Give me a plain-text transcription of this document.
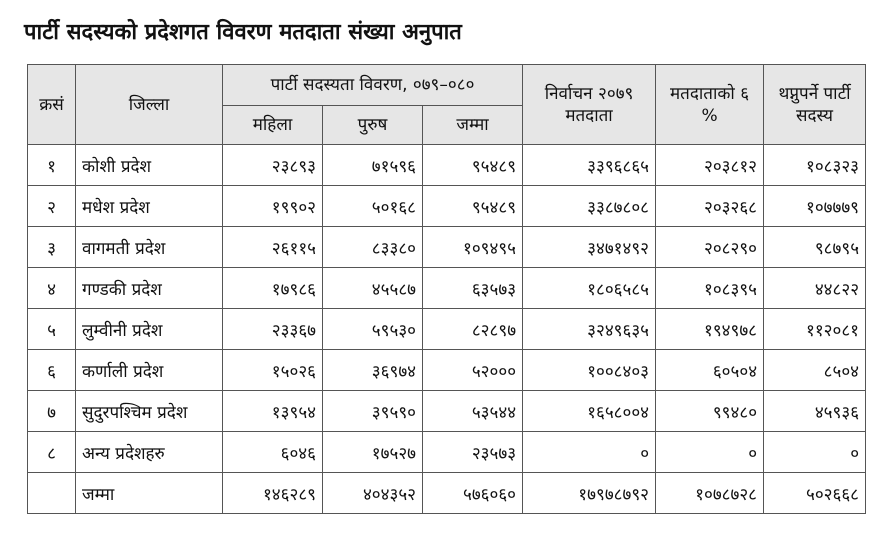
पार्टी सदस्यको प्रदेशगत विवरण मतदाता संख्या अनुपात
क्रसं	जिल्ला	पार्टी सदस्यता विवरण, ०७९–०८०			निर्वाचन २०७९ मतदाता	मतदाताको ६ %	थप्नुपर्ने पार्टी सदस्य
		महिला	पुरुष	जम्मा			
१	कोशी प्रदेश	२३८९३	७१५९६	९५४८९	३३९६८६५	२०३८१२	१०८३२३
२	मधेश प्रदेश	१९९०२	५०१६८	९५४८९	३३८७८०८	२०३२६८	१०७७७९
३	वागमती प्रदेश	२६११५	८३३८०	१०९४९५	३४७१४९२	२०८२९०	९८७९५
४	गण्डकी प्रदेश	१७९८६	४५५८७	६३५७३	१८०६५८५	१०८३९५	४४८२२
५	लुम्वीनी प्रदेश	२३३६७	५९५३०	८२८९७	३२४९६३५	१९४९७८	११२०८१
६	कर्णाली प्रदेश	१५०२६	३६९७४	५२०००	१००८४०३	६०५०४	८५०४
७	सुदुरपश्चिम प्रदेश	१३९५४	३९५९०	५३५४४	१६५८००४	९९४८०	४५९३६
८	अन्य प्रदेशहरु	६०४६	१७५२७	२३५७३	०	०	०
	जम्मा	१४६२८९	४०४३५२	५७६०६०	१७९७८७९२	१०७८७२८	५०२६६८
